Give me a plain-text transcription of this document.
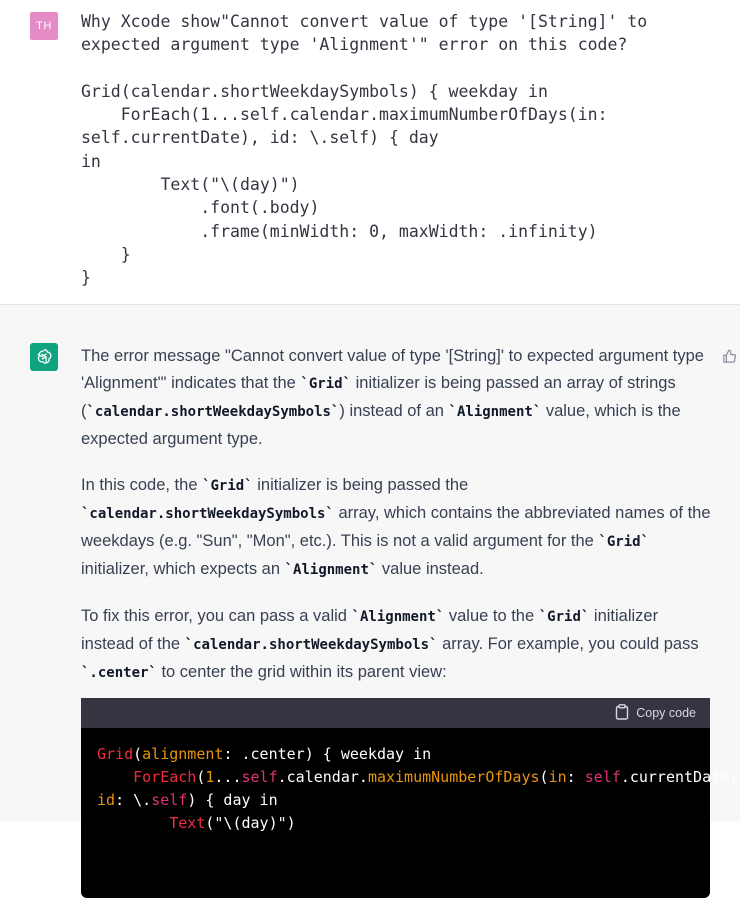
TH	Why Xcode show"Cannot convert value of type '[String]' to expected argument type 'Alignment'" error on this code?

Grid(calendar.shortWeekdaySymbols) { weekday in
ForEach(1...self.calendar.maximumNumberOfDays(in: self.currentDate), id: \.self) { day
in
Text("\(day)")
.font(.body)
.frame(minWidth: 0, maxWidth: .infinity)
}
}

The error message "Cannot convert value of type '[String]' to expected argument type 'Alignment'" indicates that the `Grid` initializer is being passed an array of strings (`calendar.shortWeekdaySymbols`) instead of an `Alignment` value, which is the expected argument type.

In this code, the `Grid` initializer is being passed the `calendar.shortWeekdaySymbols` array, which contains the abbreviated names of the weekdays (e.g. "Sun", "Mon", etc.). This is not a valid argument for the `Grid` initializer, which expects an `Alignment` value instead.

To fix this error, you can pass a valid `Alignment` value to the `Grid` initializer instead of the `calendar.shortWeekdaySymbols` array. For example, you could pass `.center` to center the grid within its parent view:

Copy code
Grid(alignment: .center) { weekday in
ForEach(1...self.calendar.maximumNumberOfDays(in: self.currentDate),
id: \.self) { day in
Text("\(day)")
